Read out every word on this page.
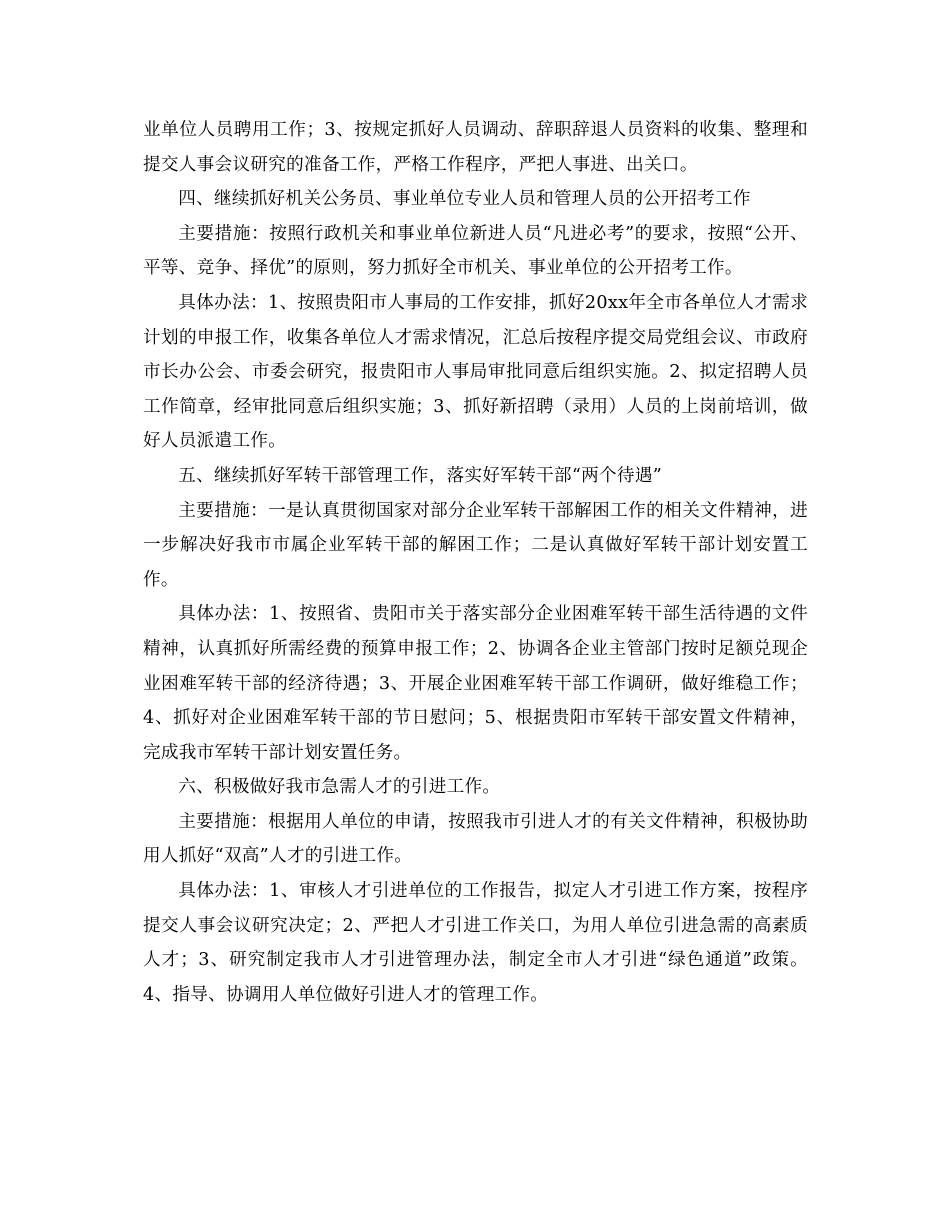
业单位人员聘用工作；3、按规定抓好人员调动、辞职辞退人员资料的收集、整理和提交人事会议研究的准备工作，严格工作程序，严把人事进、出关口。

四、继续抓好机关公务员、事业单位专业人员和管理人员的公开招考工作

主要措施：按照行政机关和事业单位新进人员“凡进必考”的要求，按照“公开、平等、竞争、择优”的原则，努力抓好全市机关、事业单位的公开招考工作。

具体办法：1、按照贵阳市人事局的工作安排，抓好20xx年全市各单位人才需求计划的申报工作，收集各单位人才需求情况，汇总后按程序提交局党组会议、市政府市长办公会、市委会研究，报贵阳市人事局审批同意后组织实施。2、拟定招聘人员工作简章，经审批同意后组织实施；3、抓好新招聘（录用）人员的上岗前培训，做好人员派遣工作。

五、继续抓好军转干部管理工作，落实好军转干部“两个待遇”

主要措施：一是认真贯彻国家对部分企业军转干部解困工作的相关文件精神，进一步解决好我市市属企业军转干部的解困工作；二是认真做好军转干部计划安置工作。

具体办法：1、按照省、贵阳市关于落实部分企业困难军转干部生活待遇的文件精神，认真抓好所需经费的预算申报工作；2、协调各企业主管部门按时足额兑现企业困难军转干部的经济待遇；3、开展企业困难军转干部工作调研，做好维稳工作；4、抓好对企业困难军转干部的节日慰问；5、根据贵阳市军转干部安置文件精神，完成我市军转干部计划安置任务。

六、积极做好我市急需人才的引进工作。

主要措施：根据用人单位的申请，按照我市引进人才的有关文件精神，积极协助用人抓好“双高”人才的引进工作。

具体办法：1、审核人才引进单位的工作报告，拟定人才引进工作方案，按程序提交人事会议研究决定；2、严把人才引进工作关口，为用人单位引进急需的高素质人才；3、研究制定我市人才引进管理办法，制定全市人才引进“绿色通道”政策。4、指导、协调用人单位做好引进人才的管理工作。
